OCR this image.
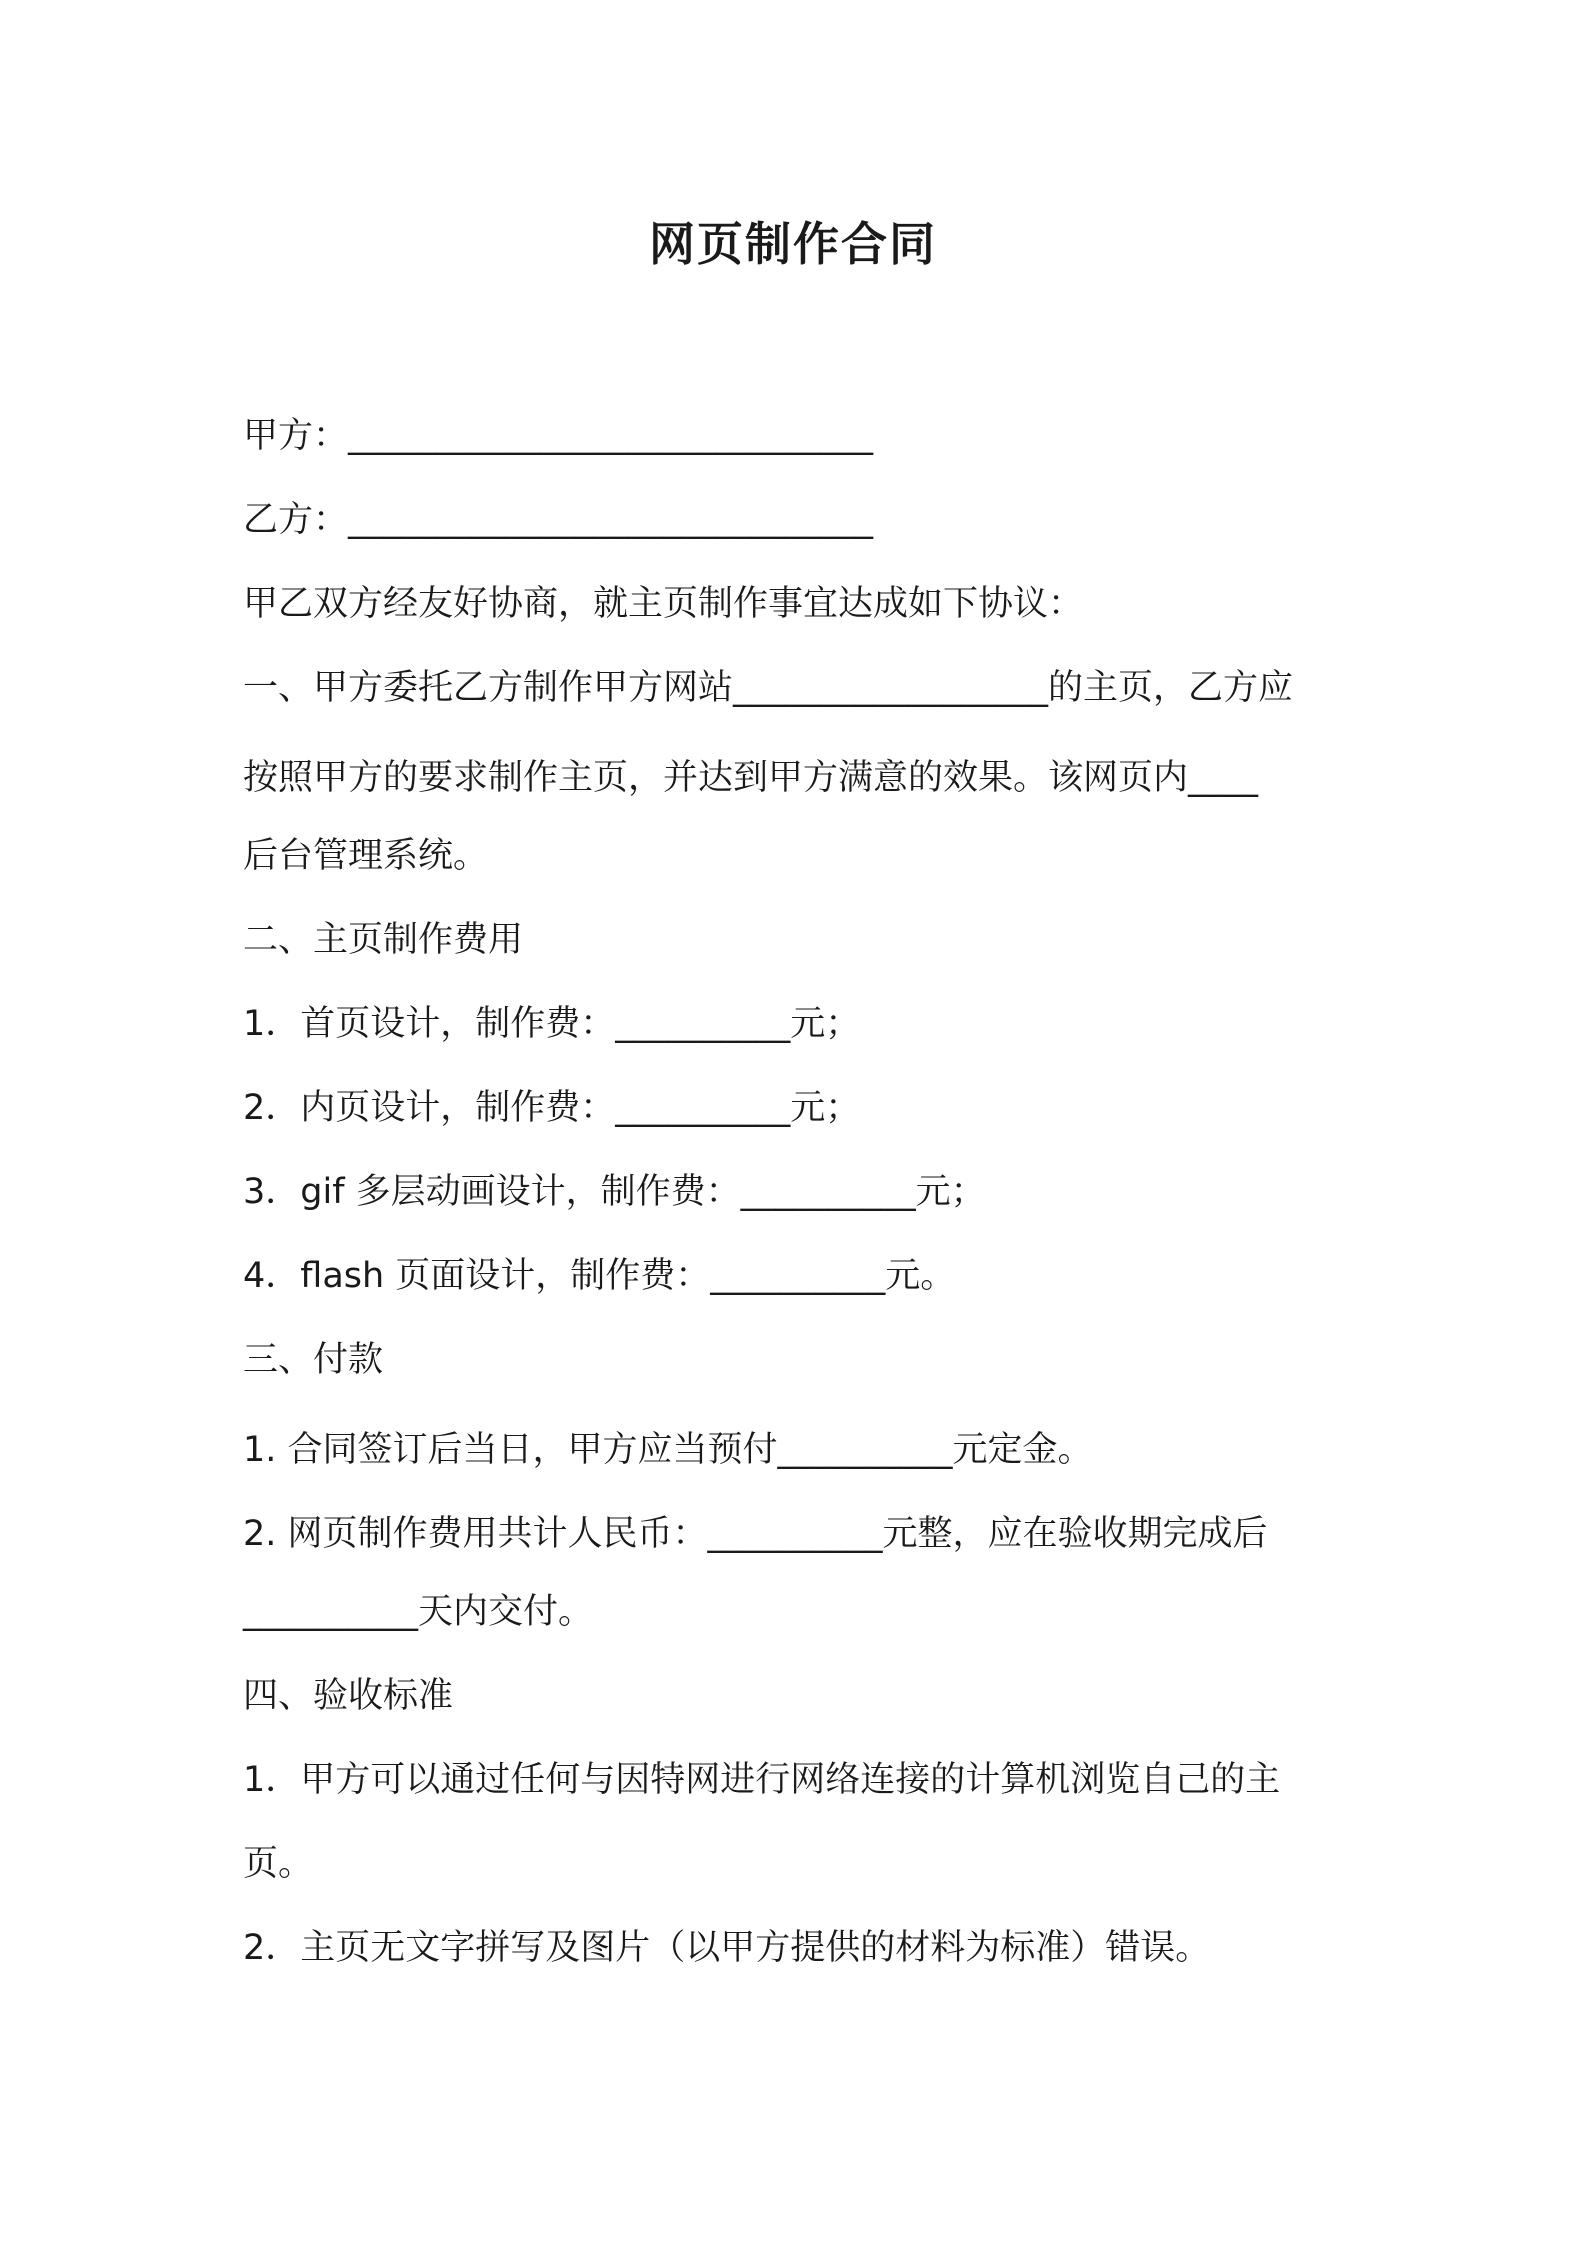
网页制作合同
甲方：______________________________
乙方：______________________________
甲乙双方经友好协商，就主页制作事宜达成如下协议：
一、甲方委托乙方制作甲方网站__________________的主页，乙方应
按照甲方的要求制作主页，并达到甲方满意的效果。该网页内____
后台管理系统。
二、主页制作费用
1．首页设计，制作费：__________元；
2．内页设计，制作费：__________元；
3．gif 多层动画设计，制作费：__________元；
4．flash 页面设计，制作费：__________元。
三、付款
1. 合同签订后当日，甲方应当预付__________元定金。
2. 网页制作费用共计人民币：__________元整，应在验收期完成后
__________天内交付。
四、验收标准
1．甲方可以通过任何与因特网进行网络连接的计算机浏览自己的主
页。
2．主页无文字拼写及图片（以甲方提供的材料为标准）错误。
